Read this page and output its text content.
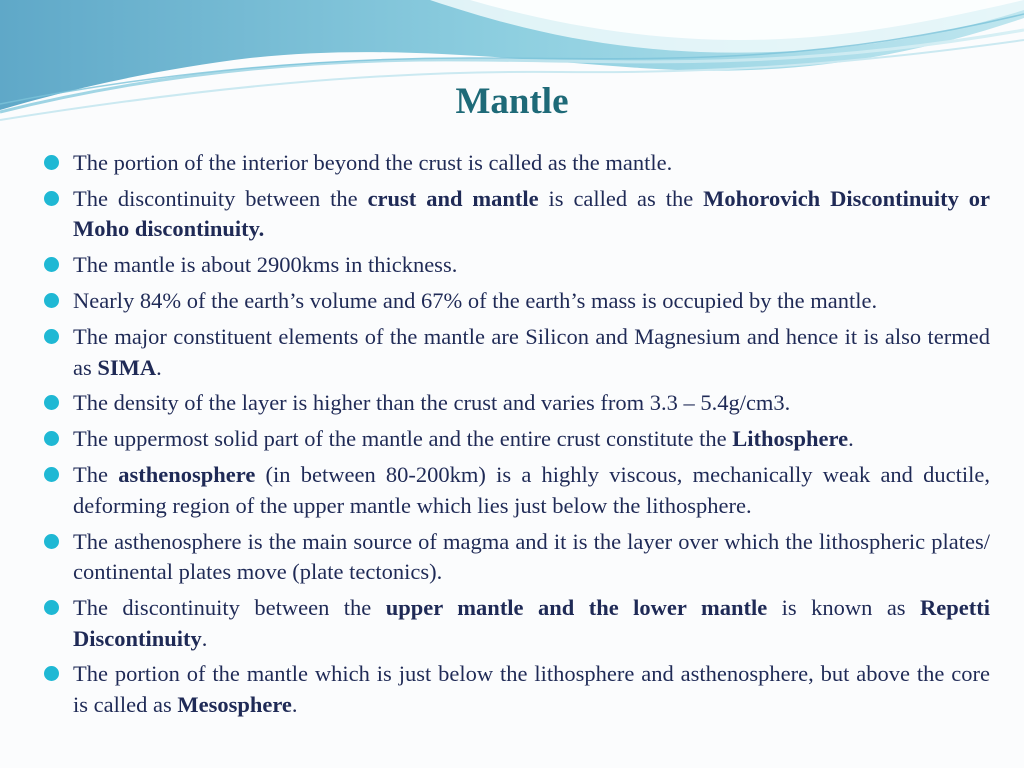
Mantle
The portion of the interior beyond the crust is called as the mantle.
The discontinuity between the crust and mantle is called as the Mohorovich Discontinuity or Moho discontinuity.
The mantle is about 2900kms in thickness.
Nearly 84% of the earth’s volume and 67% of the earth’s mass is occupied by the mantle.
The major constituent elements of the mantle are Silicon and Magnesium and hence it is also termed as SIMA.
The density of the layer is higher than the crust and varies from 3.3 – 5.4g/cm3.
The uppermost solid part of the mantle and the entire crust constitute the Lithosphere.
The asthenosphere (in between 80-200km) is a highly viscous, mechanically weak and ductile, deforming region of the upper mantle which lies just below the lithosphere.
The asthenosphere is the main source of magma and it is the layer over which the lithospheric plates/ continental plates move (plate tectonics).
The discontinuity between the upper mantle and the lower mantle is known as Repetti Discontinuity.
The portion of the mantle which is just below the lithosphere and asthenosphere, but above the core is called as Mesosphere.
